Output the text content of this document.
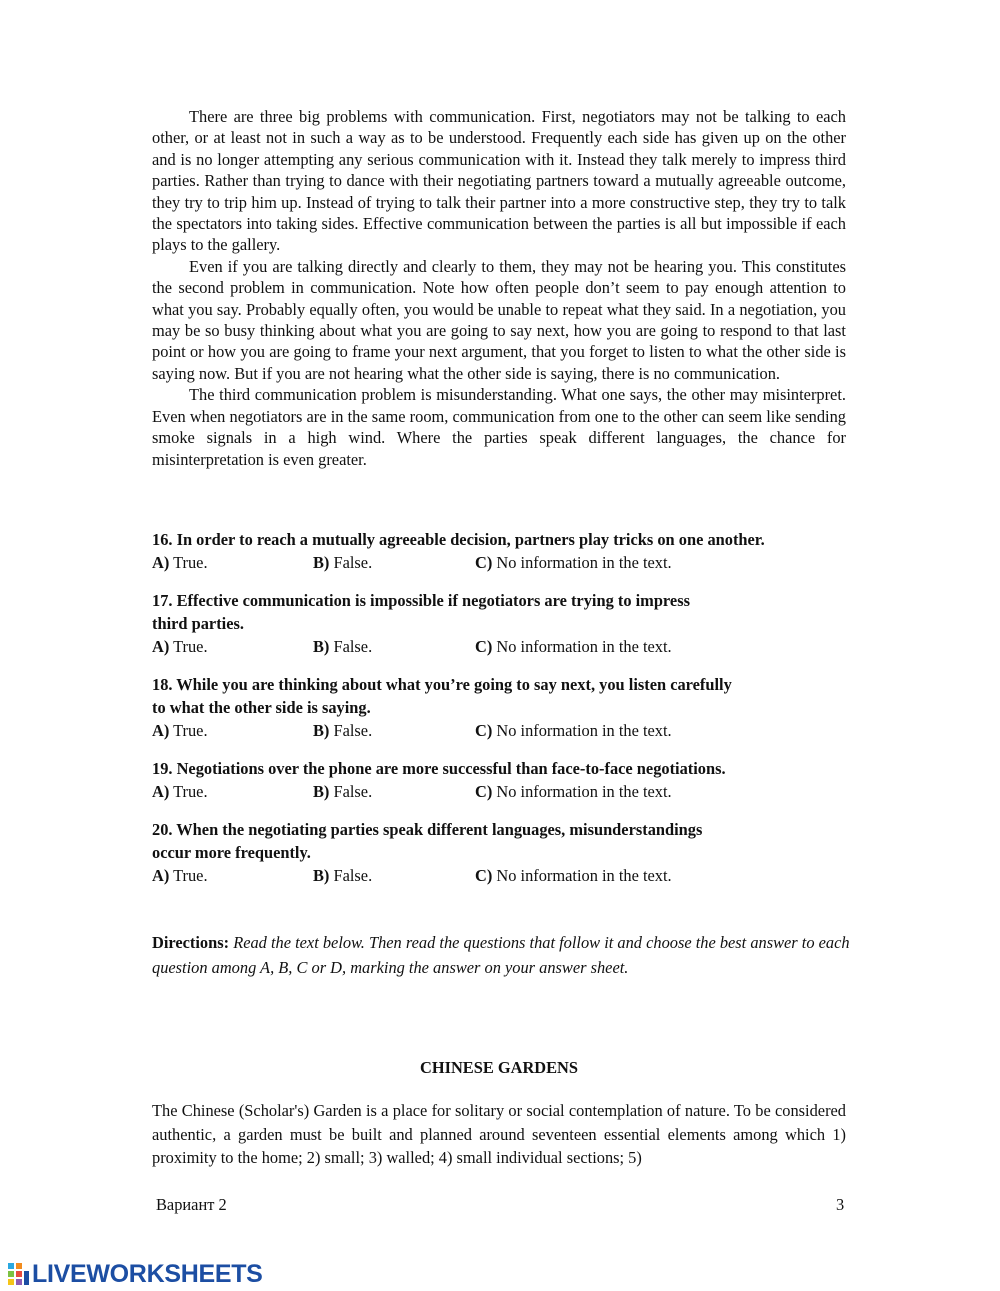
There are three big problems with communication. First, negotiators may not be talking to each other, or at least not in such a way as to be understood. Frequently each side has given up on the other and is no longer attempting any serious communication with it. Instead they talk merely to impress third parties. Rather than trying to dance with their negotiating partners toward a mutually agreeable outcome, they try to trip him up. Instead of trying to talk their partner into a more constructive step, they try to talk the spectators into taking sides. Effective communication between the parties is all but impossible if each plays to the gallery.

Even if you are talking directly and clearly to them, they may not be hearing you. This constitutes the second problem in communication. Note how often people don’t seem to pay enough attention to what you say. Probably equally often, you would be unable to repeat what they said. In a negotiation, you may be so busy thinking about what you are going to say next, how you are going to respond to that last point or how you are going to frame your next argument, that you forget to listen to what the other side is saying now. But if you are not hearing what the other side is saying, there is no communication.

The third communication problem is misunderstanding. What one says, the other may misinterpret. Even when negotiators are in the same room, communication from one to the other can seem like sending smoke signals in a high wind. Where the parties speak different languages, the chance for misinterpretation is even greater.

16. In order to reach a mutually agreeable decision, partners play tricks on one another.
A) True.	B) False.	C) No information in the text.
17. Effective communication is impossible if negotiators are trying to impress
third parties.
A) True.	B) False.	C) No information in the text.
18. While you are thinking about what you’re going to say next, you listen carefully
to what the other side is saying.
A) True.	B) False.	C) No information in the text.
19. Negotiations over the phone are more successful than face-to-face negotiations.
A) True.	B) False.	C) No information in the text.
20. When the negotiating parties speak different languages, misunderstandings
occur more frequently.
A) True.	B) False.	C) No information in the text.
Directions: Read the text below. Then read the questions that follow it and choose the best answer to each question among A, B, C or D, marking the answer on your answer sheet.
CHINESE GARDENS

The Chinese (Scholar's) Garden is a place for solitary or social contemplation of nature. To be considered authentic, a garden must be built and planned around seventeen essential elements among which 1) proximity to the home; 2) small; 3) walled; 4) small individual sections; 5)

Вариант 2	3
LIVEWORKSHEETS
